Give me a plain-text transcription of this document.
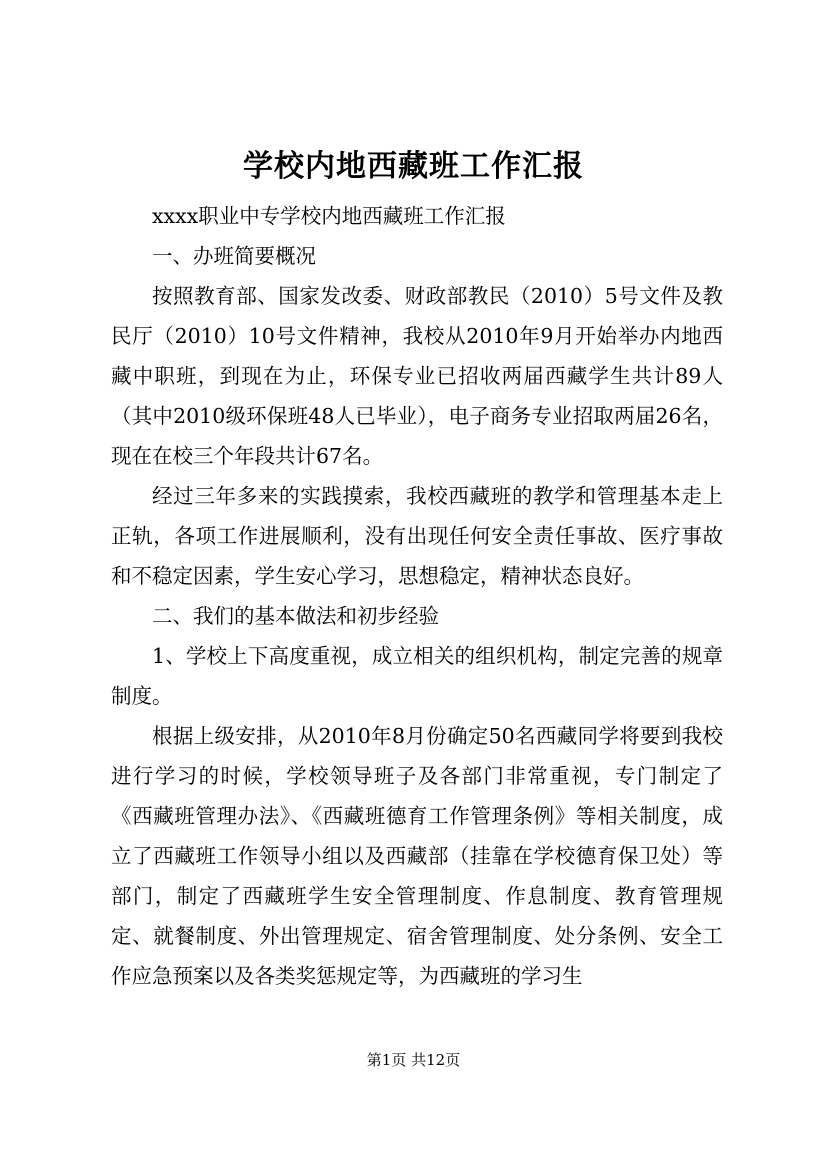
学校内地西藏班工作汇报

xxxx职业中专学校内地西藏班工作汇报

一、办班简要概况

按照教育部、国家发改委、财政部教民（2010）5号文件及教民厅（2010）10号文件精神，我校从2010年9月开始举办内地西藏中职班，到现在为止，环保专业已招收两届西藏学生共计89人（其中2010级环保班48人已毕业），电子商务专业招取两届26名，现在在校三个年段共计67名。

经过三年多来的实践摸索，我校西藏班的教学和管理基本走上正轨，各项工作进展顺利，没有出现任何安全责任事故、医疗事故和不稳定因素，学生安心学习，思想稳定，精神状态良好。

二、我们的基本做法和初步经验

1、学校上下高度重视，成立相关的组织机构，制定完善的规章制度。

根据上级安排，从2010年8月份确定50名西藏同学将要到我校进行学习的时候，学校领导班子及各部门非常重视，专门制定了《西藏班管理办法》、《西藏班德育工作管理条例》等相关制度，成立了西藏班工作领导小组以及西藏部（挂靠在学校德育保卫处）等部门，制定了西藏班学生安全管理制度、作息制度、教育管理规定、就餐制度、外出管理规定、宿舍管理制度、处分条例、安全工作应急预案以及各类奖惩规定等，为西藏班的学习生

第1页 共12页
